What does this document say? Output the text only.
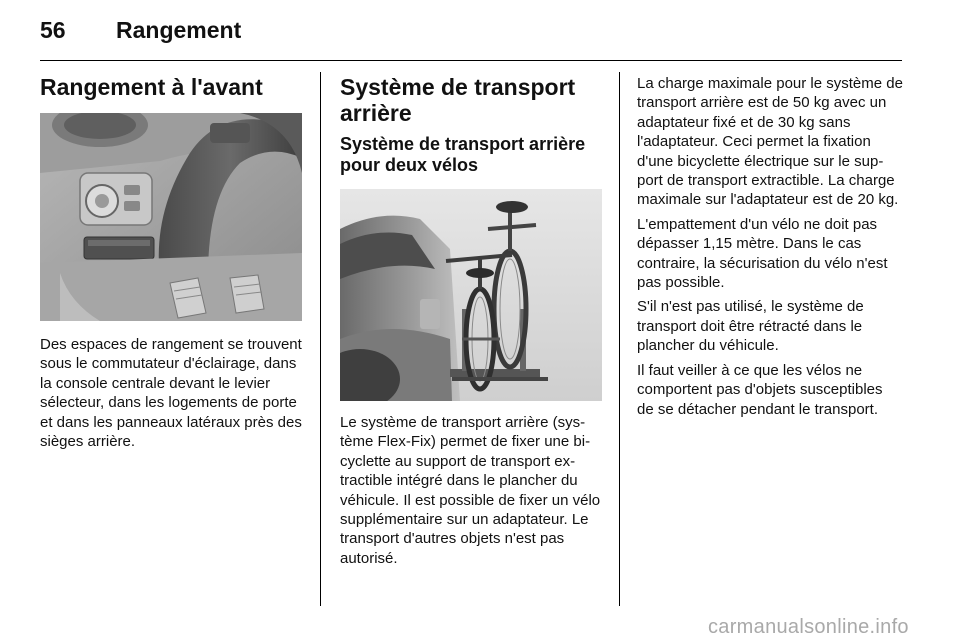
56 Rangement
Rangement à l'avant

Des espaces de rangement se trouvent sous le commutateur d'éclairage, dans la console centrale devant le levier sélecteur, dans les logements de porte et dans les panneaux latéraux près des sièges arrière.

Système de transport arrière
Système de transport arrière pour deux vélos

Le système de transport arrière (système Flex-Fix) permet de fixer une bicyclette au support de transport extractible intégré dans le plancher du véhicule. Il est possible de fixer un vélo supplémentaire sur un adaptateur. Le transport d'autres objets n'est pas autorisé.

La charge maximale pour le système de transport arrière est de 50 kg avec un adaptateur fixé et de 30 kg sans l'adaptateur. Ceci permet la fixation d'une bicyclette électrique sur le support de transport extractible. La charge maximale sur l'adaptateur est de 20 kg.

L'empattement d'un vélo ne doit pas dépasser 1,15 mètre. Dans le cas contraire, la sécurisation du vélo n'est pas possible.

S'il n'est pas utilisé, le système de transport doit être rétracté dans le plancher du véhicule.

Il faut veiller à ce que les vélos ne comportent pas d'objets susceptibles de se détacher pendant le transport.

carmanualsonline.info
